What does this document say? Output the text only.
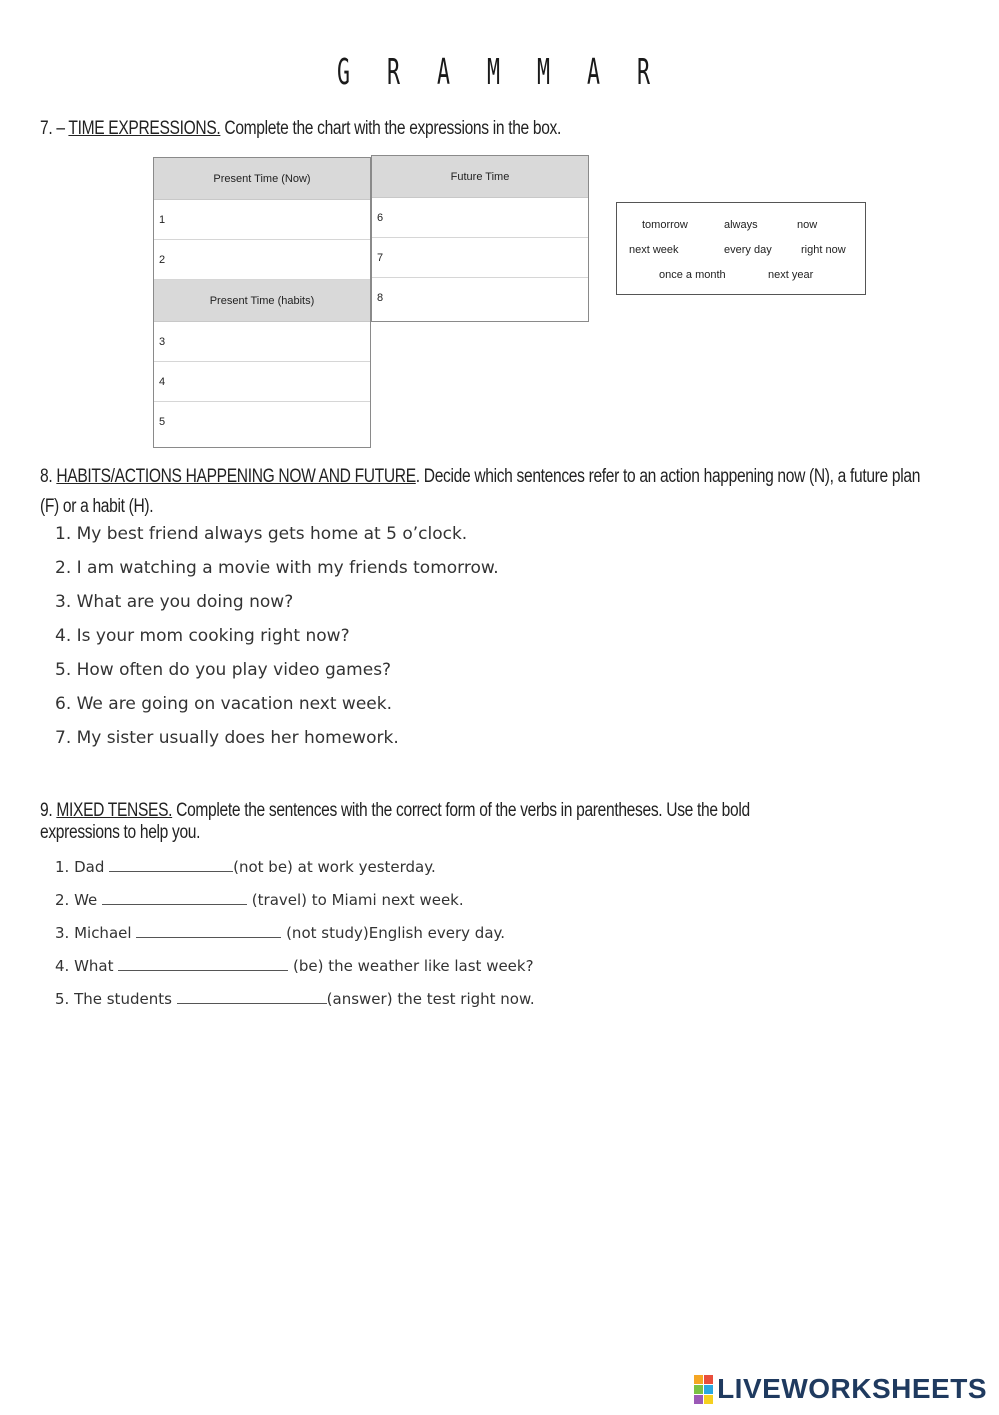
G R A M M A R
7. – TIME EXPRESSIONS. Complete the chart with the expressions in the box.
Present Time (Now)
1
2
Present Time (habits)
3
4
5
Future Time
6
7
8
tomorrow	always	now
next week	every day	right now
once a month	next year
8. HABITS/ACTIONS HAPPENING NOW AND FUTURE. Decide which sentences refer to an action happening now (N), a future plan (F) or a habit (H).
1. My best friend always gets home at 5 o’clock.
2. I am watching a movie with my friends tomorrow.
3. What are you doing now?
4. Is your mom cooking right now?
5. How often do you play video games?
6. We are going on vacation next week.
7. My sister usually does her homework.
9. MIXED TENSES. Complete the sentences with the correct form of the verbs in parentheses. Use the bold expressions to help you.
1. Dad	(not be) at work yesterday.
2. We	(travel) to Miami next week.
3. Michael	(not study)English every day.
4. What	(be) the weather like last week?
5. The students	(answer) the test right now.
LIVEWORKSHEETS
